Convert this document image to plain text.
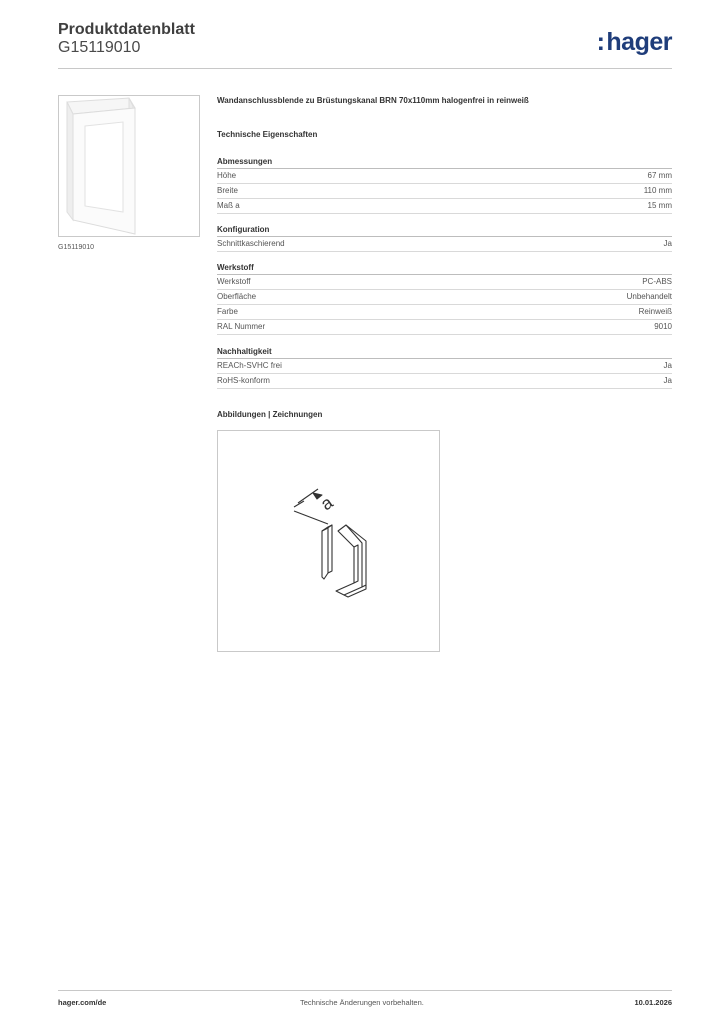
Produktdatenblatt
G15119010	:hager
G15119010
Wandanschlussblende zu Brüstungskanal BRN 70x110mm halogenfrei in reinweiß
Technische Eigenschaften
Abmessungen
Höhe	67 mm
Breite	110 mm
Maß a	15 mm
Konfiguration
Schnittkaschierend	Ja
Werkstoff
Werkstoff	PC-ABS
Oberfläche	Unbehandelt
Farbe	Reinweiß
RAL Nummer	9010
Nachhaltigkeit
REACh-SVHC frei	Ja
RoHS-konform	Ja
Abbildungen | Zeichnungen
a
hager.com/de	Technische Änderungen vorbehalten.	10.01.2026
